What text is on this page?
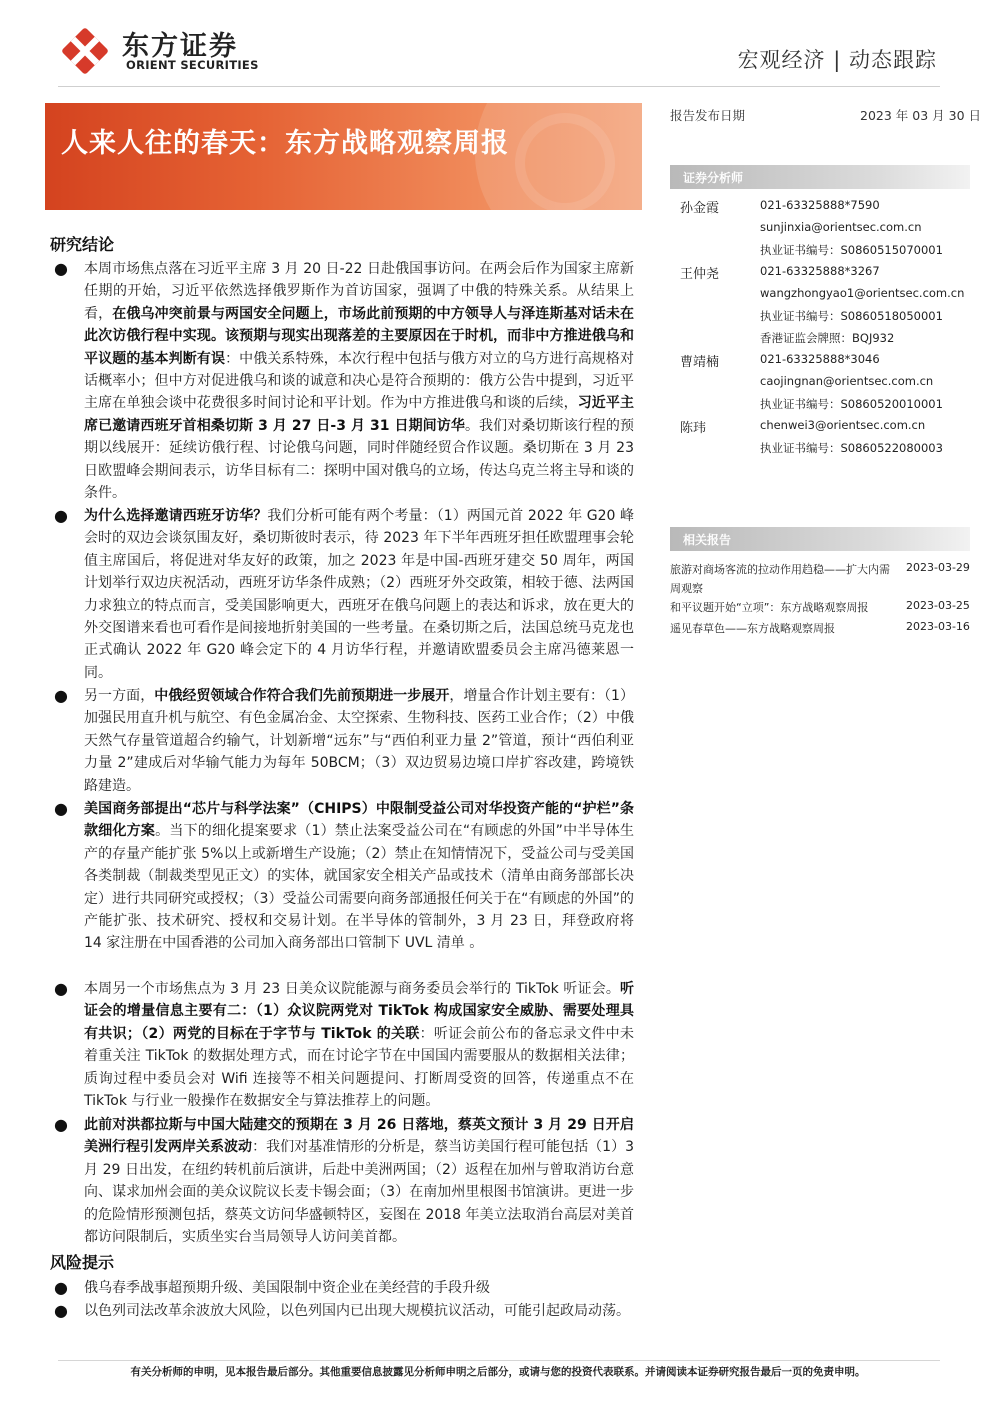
东方证券
ORIENT SECURITIES	宏观经济 | 动态跟踪
人来人往的春天：东方战略观察周报
报告发布日期	2023 年 03 月 30 日
证券分析师
孙金霞	021-63325888*7590
sunjinxia@orientsec.com.cn
执业证书编号：S0860515070001
王仲尧	021-63325888*3267
wangzhongyao1@orientsec.com.cn
执业证书编号：S0860518050001
香港证监会牌照：BQJ932
曹靖楠	021-63325888*3046
caojingnan@orientsec.com.cn
执业证书编号：S0860520010001
陈玮	chenwei3@orientsec.com.cn
执业证书编号：S0860522080003
相关报告
旅游对商场客流的拉动作用趋稳——扩大内需周观察
2023-03-29
和平议题开始“立项”：东方战略观察周报	2023-03-25
遥见春草色——东方战略观察周报	2023-03-16
研究结论
● 本周市场焦点落在习近平主席 3 月 20 日-22 日赴俄国事访问。在两会后作为国家主席新任期的开始，习近平依然选择俄罗斯作为首访国家，强调了中俄的特殊关系。从结果上看，在俄乌冲突前景与两国安全问题上，市场此前预期的中方领导人与泽连斯基对话未在此次访俄行程中实现。该预期与现实出现落差的主要原因在于时机，而非中方推进俄乌和平议题的基本判断有误：中俄关系特殊，本次行程中包括与俄方对立的乌方进行高规格对话概率小；但中方对促进俄乌和谈的诚意和决心是符合预期的：俄方公告中提到，习近平主席在单独会谈中花费很多时间讨论和平计划。作为中方推进俄乌和谈的后续，习近平主席已邀请西班牙首相桑切斯 3 月 27 日-3 月 31 日期间访华。我们对桑切斯该行程的预期以线展开：延续访俄行程、讨论俄乌问题，同时伴随经贸合作议题。桑切斯在 3 月 23 日欧盟峰会期间表示，访华目标有二：探明中国对俄乌的立场，传达乌克兰将主导和谈的条件。
● 为什么选择邀请西班牙访华？我们分析可能有两个考量：（1）两国元首 2022 年 G20 峰会时的双边会谈氛围友好，桑切斯彼时表示，待 2023 年下半年西班牙担任欧盟理事会轮值主席国后，将促进对华友好的政策，加之 2023 年是中国-西班牙建交 50 周年，两国计划举行双边庆祝活动，西班牙访华条件成熟；（2）西班牙外交政策，相较于德、法两国力求独立的特点而言，受美国影响更大，西班牙在俄乌问题上的表达和诉求，放在更大的外交图谱来看也可看作是间接地折射美国的一些考量。在桑切斯之后，法国总统马克龙也正式确认 2022 年 G20 峰会定下的 4 月访华行程，并邀请欧盟委员会主席冯德莱恩一同。
● 另一方面，中俄经贸领域合作符合我们先前预期进一步展开，增量合作计划主要有：（1）加强民用直升机与航空、有色金属冶金、太空探索、生物科技、医药工业合作；（2）中俄天然气存量管道超合约输气，计划新增“远东”与“西伯利亚力量 2”管道，预计“西伯利亚力量 2”建成后对华输气能力为每年 50BCM；（3）双边贸易边境口岸扩容改建，跨境铁路建造。
● 美国商务部提出“芯片与科学法案”（CHIPS）中限制受益公司对华投资产能的“护栏”条款细化方案。当下的细化提案要求（1）禁止法案受益公司在“有顾虑的外国”中半导体生产的存量产能扩张 5%以上或新增生产设施；（2）禁止在知情情况下，受益公司与受美国各类制裁（制裁类型见正文）的实体，就国家安全相关产品或技术（清单由商务部部长决定）进行共同研究或授权；（3）受益公司需要向商务部通报任何关于在“有顾虑的外国”的产能扩张、技术研究、授权和交易计划。在半导体的管制外，3 月 23 日，拜登政府将 14 家注册在中国香港的公司加入商务部出口管制下 UVL 清单 。
● 本周另一个市场焦点为 3 月 23 日美众议院能源与商务委员会举行的 TikTok 听证会。听证会的增量信息主要有二：（1）众议院两党对 TikTok 构成国家安全威胁、需要处理具有共识；（2）两党的目标在于字节与 TikTok 的关联：听证会前公布的备忘录文件中未着重关注 TikTok 的数据处理方式，而在讨论字节在中国国内需要服从的数据相关法律；质询过程中委员会对 Wifi 连接等不相关问题提问、打断周受资的回答，传递重点不在 TikTok 与行业一般操作在数据安全与算法推荐上的问题。
● 此前对洪都拉斯与中国大陆建交的预期在 3 月 26 日落地，蔡英文预计 3 月 29 日开启美洲行程引发两岸关系波动：我们对基准情形的分析是，蔡当访美国行程可能包括（1）3 月 29 日出发，在纽约转机前后演讲，后赴中美洲两国；（2）返程在加州与曾取消访台意向、谋求加州会面的美众议院议长麦卡锡会面；（3）在南加州里根图书馆演讲。更进一步的危险情形预测包括，蔡英文访问华盛顿特区，妄图在 2018 年美立法取消台高层对美首都访问限制后，实质坐实台当局领导人访问美首都。
风险提示
● 俄乌春季战事超预期升级、美国限制中资企业在美经营的手段升级
● 以色列司法改革余波放大风险，以色列国内已出现大规模抗议活动，可能引起政局动荡。
有关分析师的申明，见本报告最后部分。其他重要信息披露见分析师申明之后部分，或请与您的投资代表联系。并请阅读本证券研究报告最后一页的免责申明。
